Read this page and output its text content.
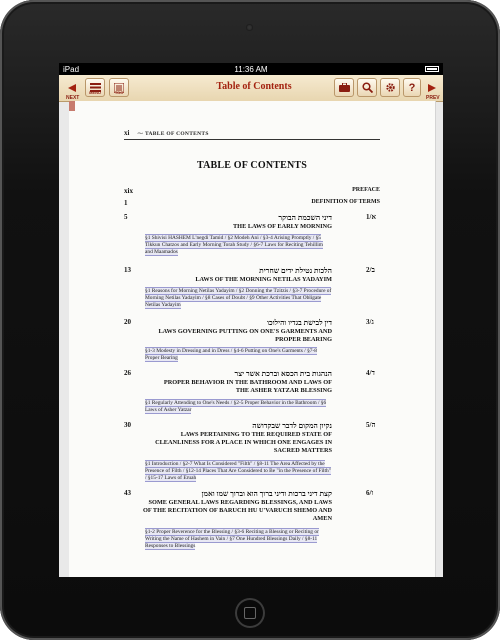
iPad	11:36 AM
NEXT
MENU	TOC
Table of Contents	?
PREV
xi ⁓ TABLE OF CONTENTS
TABLE OF CONTENTS
xix	PREFACE
1	DEFINITION OF TERMS
5	א/1
דיני השכמת הבוקר
THE LAWS OF EARLY MORNING
§1 Shivisi HASHEM L'negdi Tamid / §2 Modeh Ani / §3-4 Arising Promptly / §5 Tikkun Chatzos and Early Morning Torah Study / §6-7 Laws for Reciting Tehillim and Maamados
13	ב/2
הלכות נטילת ידים שחרית
LAWS OF THE MORNING NETILAS YADAYIM
§1 Reasons for Morning Netilas Yadayim / §2 Donning the Tzitzis / §3-7 Procedure of Morning Netilas Yadayim / §8 Cases of Doubt / §9 Other Activities That Obligate Netilas Yadayim
20	ג/3
דין לבישת בגדיו והילוכו
LAWS GOVERNING PUTTING ON ONE'S GARMENTS AND PROPER BEARING
§1-3 Modesty in Dressing and in Dress / §4-6 Putting on One's Garments / §7-8 Proper Bearing
26	ד/4
הנהגות בית הכסא וברכת אשר יצר
PROPER BEHAVIOR IN THE BATHROOM AND LAWS OF THE ASHER YATZAR BLESSING
§1 Regularly Attending to One's Needs / §2-5 Proper Behavior in the Bathroom / §6 Laws of Asher Yatzar
30	ה/5
נקיון המקום לדבר שבקדושה
LAWS PERTAINING TO THE REQUIRED STATE OF CLEANLINESS FOR A PLACE IN WHICH ONE ENGAGES IN SACRED MATTERS
§1 Introduction / §2-7 What Is Considered "Filth" / §8-11 The Area Affected by the Presence of Filth / §12-14 Places That Are Considered to Be "in the Presence of Filth" / §15-17 Laws of Eruah
43	ו/6
קצת דיני ברכות ודיני ברוך הוא וברוך שמו ואמן
SOME GENERAL LAWS REGARDING BLESSINGS, AND LAWS OF THE RECITATION OF BARUCH HU U'VARUCH SHEMO AND AMEN
§1-2 Proper Reverence for the Blessing / §3-6 Reciting a Blessing or Reciting or Writing the Name of Hashem in Vain / §7 One Hundred Blessings Daily / §8-11 Responses to Blessings
